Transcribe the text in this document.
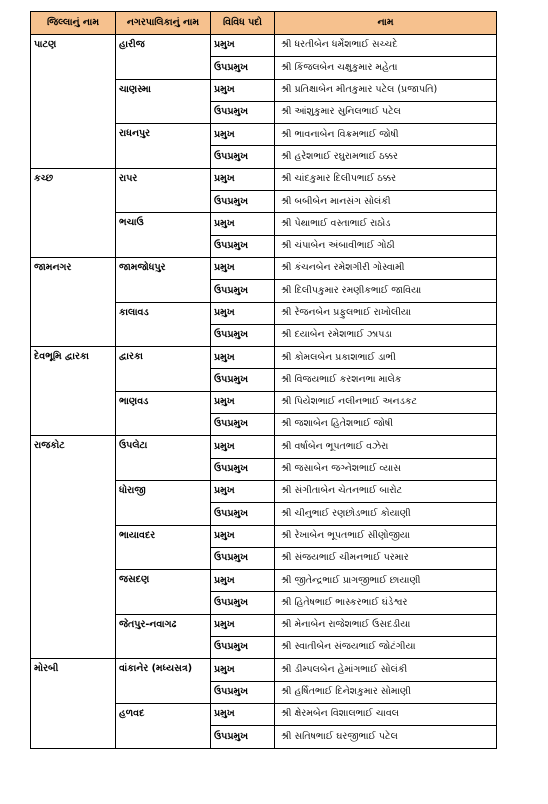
જિલ્લાનું નામ	નગરપાલિકાનું નામ	વિવિધ પદો	નામ
પાટણ	હારીજ	પ્રમુખ	શ્રી ધરતીબેન ધર્મેશભાઈ સચ્ચદે
		ઉપપ્રમુખ	શ્રી કિંજલબેન ચક્ષુકુમાર મહેતા
	ચાણસ્મા	પ્રમુખ	શ્રી પ્રતિક્ષાબેન મીતકુમાર પટેલ (પ્રજાપતિ)
		ઉપપ્રમુખ	શ્રી આંશુકુમાર સુનિલભાઈ પટેલ
	રાધનપુર	પ્રમુખ	શ્રી ભાવનાબેન વિક્રમભાઈ જોષી
		ઉપપ્રમુખ	શ્રી હરેશભાઈ રઘુરામભાઈ ઠક્કર
કચ્છ	રાપર	પ્રમુખ	શ્રી ચાંદકુમાર દિલીપભાઈ ઠક્કર
		ઉપપ્રમુખ	શ્રી બબીબેન માનસંગ સોલંકી
	ભચાઉ	પ્રમુખ	શ્રી પેથાભાઈ વસ્તાભાઈ રાઠોડ
		ઉપપ્રમુખ	શ્રી ચંપાબેન અંબાવીભાઈ ગોઠી
જામનગર	જામજોધપુર	પ્રમુખ	શ્રી કંચનબેન રમેશગીરી ગોસ્વામી
		ઉપપ્રમુખ	શ્રી દિલીપકુમાર રમણીકભાઈ જાવિયા
	કાલાવડ	પ્રમુખ	શ્રી રેજનબેન પ્રફુલભાઈ રાખોલીયા
		ઉપપ્રમુખ	શ્રી દયાબેન રમેશભાઈ ઝાપડા
દેવભૂમિ દ્વારકા	દ્વારકા	પ્રમુખ	શ્રી કોમલબેન પ્રકાશભાઈ ડાભી
		ઉપપ્રમુખ	શ્રી વિજયભાઈ કરશનભા માલેક
	ભાણવડ	પ્રમુખ	શ્રી પિયેશભાઈ નલીનભાઈ અનડકટ
		ઉપપ્રમુખ	શ્રી જશાબેન હિતેશભાઈ જોષી
રાજકોટ	ઉપલેટા	પ્રમુખ	શ્રી વર્ષાબેન ભૂપતભાઈ વઝેરા
		ઉપપ્રમુખ	શ્રી જસાબેન જગ્નેશભાઈ વ્યાસ
	ધોરાજી	પ્રમુખ	શ્રી સંગીતાબેન ચેતનભાઈ બારોટ
		ઉપપ્રમુખ	શ્રી ચીનુભાઈ રણછોડભાઈ કોયાણી
	ભાયાવદર	પ્રમુખ	શ્રી રેખાબેન ભૂપતભાઈ સીણોજીયા
		ઉપપ્રમુખ	શ્રી સંજયભાઈ ચીમનભાઈ પરમાર
	જસદણ	પ્રમુખ	શ્રી જીતેન્દ્રભાઈ પ્રાગજીભાઈ છાયાણી
		ઉપપ્રમુખ	શ્રી હિતેષભાઈ ભાસ્કરભાઈ ઘંડેશ્વર
	જેતપુર-નવાગઢ	પ્રમુખ	શ્રી મેનાબેન રાજેશભાઈ ઉસદડીયા
		ઉપપ્રમુખ	શ્રી સ્વાતીબેન સંજયભાઈ જોટંગીયા
મોરબી	વાંકાનેર (મધ્યસત્ર)	પ્રમુખ	શ્રી ડીમ્પલબેન હેમાંગભાઈ સોલંકી
		ઉપપ્રમુખ	શ્રી હર્ષિતભાઈ દિનેશકુમાર સોમાણી
	હળવદ	પ્રમુખ	શ્રી ક્ષેરમબેન વિશાલભાઈ ચાવલ
		ઉપપ્રમુખ	શ્રી સતિષભાઈ ઘરજીભાઈ પટેલ
